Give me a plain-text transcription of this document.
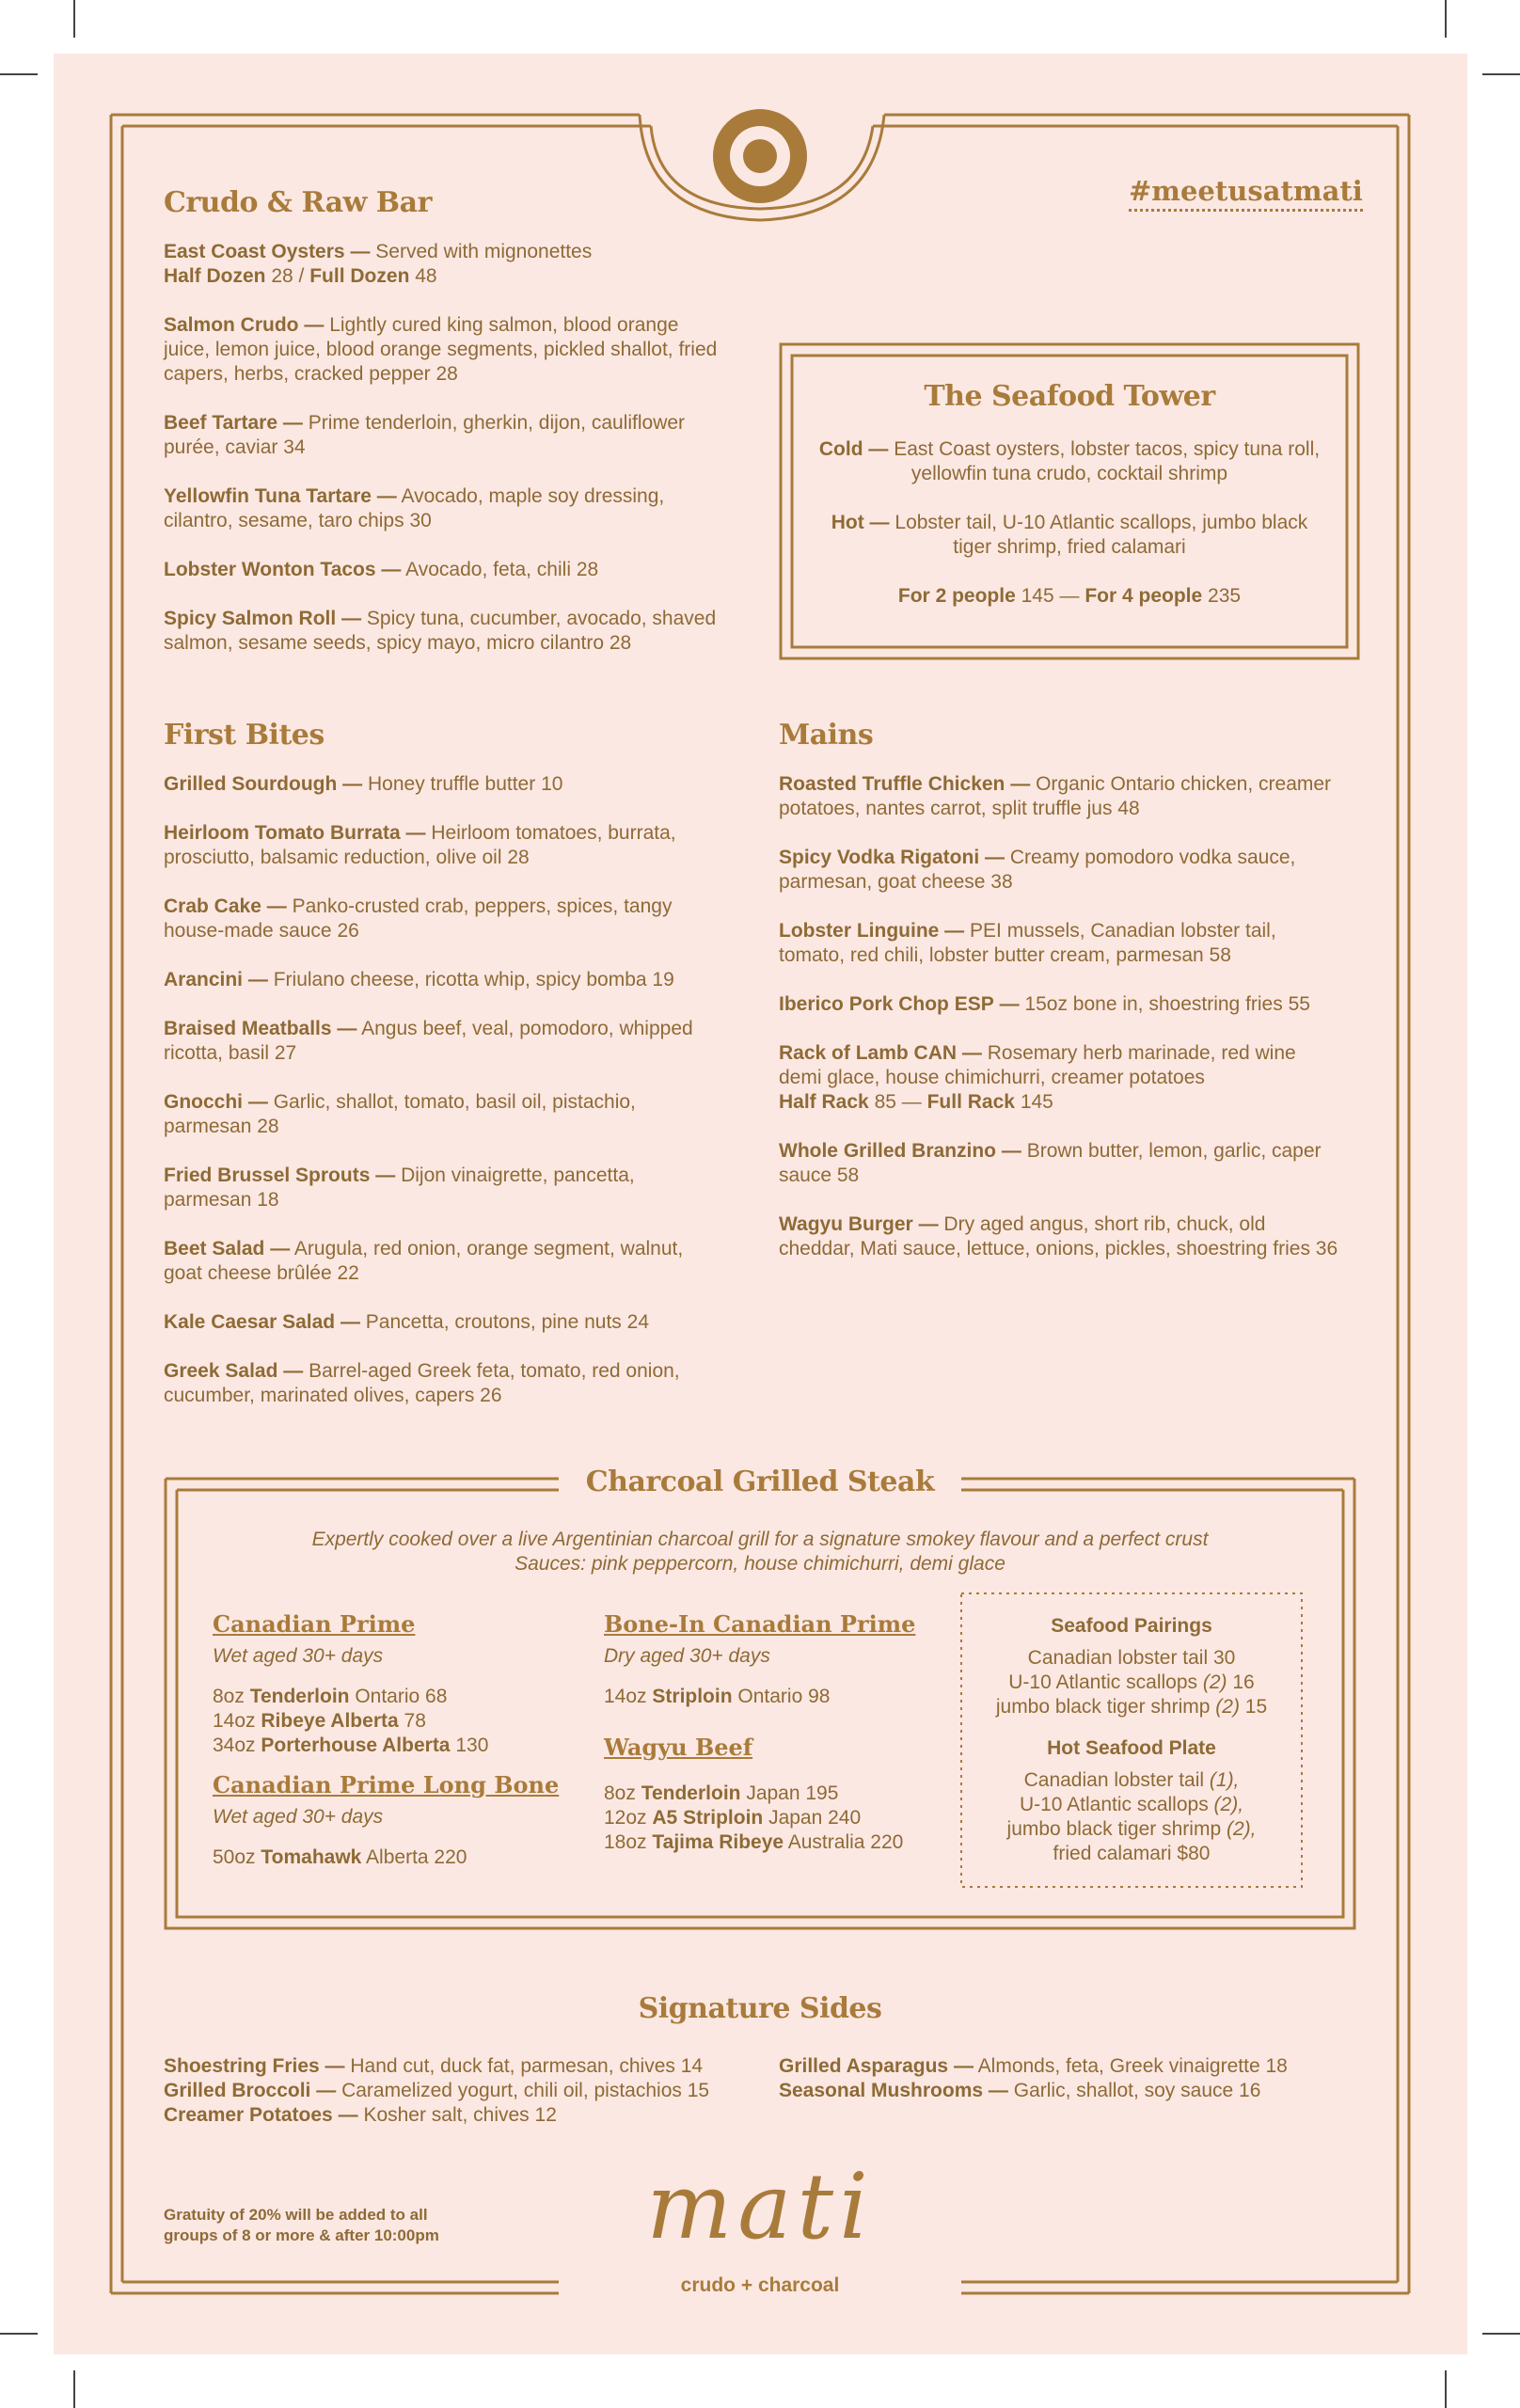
#meetusatmati
Crudo & Raw Bar

East Coast Oysters — Served with mignonettes
Half Dozen 28 / Full Dozen 48

Salmon Crudo — Lightly cured king salmon, blood orange juice, lemon juice, blood orange segments, pickled shallot, fried capers, herbs, cracked pepper 28

Beef Tartare — Prime tenderloin, gherkin, dijon, cauliflower purée, caviar 34

Yellowfin Tuna Tartare — Avocado, maple soy dressing, cilantro, sesame, taro chips 30

Lobster Wonton Tacos — Avocado, feta, chili 28

Spicy Salmon Roll — Spicy tuna, cucumber, avocado, shaved salmon, sesame seeds, spicy mayo, micro cilantro 28

The Seafood Tower

Cold — East Coast oysters, lobster tacos, spicy tuna roll, yellowfin tuna crudo, cocktail shrimp

Hot — Lobster tail, U-10 Atlantic scallops, jumbo black tiger shrimp, fried calamari

For 2 people 145 — For 4 people 235

First Bites

Grilled Sourdough — Honey truffle butter 10

Heirloom Tomato Burrata — Heirloom tomatoes, burrata, prosciutto, balsamic reduction, olive oil 28

Crab Cake — Panko-crusted crab, peppers, spices, tangy house-made sauce 26

Arancini — Friulano cheese, ricotta whip, spicy bomba 19

Braised Meatballs — Angus beef, veal, pomodoro, whipped ricotta, basil 27

Gnocchi — Garlic, shallot, tomato, basil oil, pistachio, parmesan 28

Fried Brussel Sprouts — Dijon vinaigrette, pancetta, parmesan 18

Beet Salad — Arugula, red onion, orange segment, walnut, goat cheese brûlée 22

Kale Caesar Salad — Pancetta, croutons, pine nuts 24

Greek Salad — Barrel-aged Greek feta, tomato, red onion, cucumber, marinated olives, capers 26

Mains

Roasted Truffle Chicken — Organic Ontario chicken, creamer potatoes, nantes carrot, split truffle jus 48

Spicy Vodka Rigatoni — Creamy pomodoro vodka sauce, parmesan, goat cheese 38

Lobster Linguine — PEI mussels, Canadian lobster tail, tomato, red chili, lobster butter cream, parmesan 58

Iberico Pork Chop ESP — 15oz bone in, shoestring fries 55

Rack of Lamb CAN — Rosemary herb marinade, red wine demi glace, house chimichurri, creamer potatoes
Half Rack 85 — Full Rack 145

Whole Grilled Branzino — Brown butter, lemon, garlic, caper sauce 58

Wagyu Burger — Dry aged angus, short rib, chuck, old cheddar, Mati sauce, lettuce, onions, pickles, shoestring fries 36

Charcoal Grilled Steak
Expertly cooked over a live Argentinian charcoal grill for a signature smokey flavour and a perfect crust
Sauces: pink peppercorn, house chimichurri, demi glace

Canadian Prime

Wet aged 30+ days
8oz Tenderloin Ontario 68
14oz Ribeye Alberta 78
34oz Porterhouse Alberta 130

Canadian Prime Long Bone

Wet aged 30+ days
50oz Tomahawk Alberta 220

Bone-In Canadian Prime

Dry aged 30+ days
14oz Striploin Ontario 98

Wagyu Beef

8oz Tenderloin Japan 195
12oz A5 Striploin Japan 240
18oz Tajima Ribeye Australia 220
Seafood Pairings
Canadian lobster tail 30
U-10 Atlantic scallops (2) 16
jumbo black tiger shrimp (2) 15
Hot Seafood Plate
Canadian lobster tail (1),
U-10 Atlantic scallops (2),
jumbo black tiger shrimp (2),
fried calamari $80
Signature Sides

Shoestring Fries — Hand cut, duck fat, parmesan, chives 14

Grilled Broccoli — Caramelized yogurt, chili oil, pistachios 15

Creamer Potatoes — Kosher salt, chives 12

Grilled Asparagus — Almonds, feta, Greek vinaigrette 18

Seasonal Mushrooms — Garlic, shallot, soy sauce 16

Gratuity of 20% will be added to all
groups of 8 or more & after 10:00pm	mati
crudo + charcoal
